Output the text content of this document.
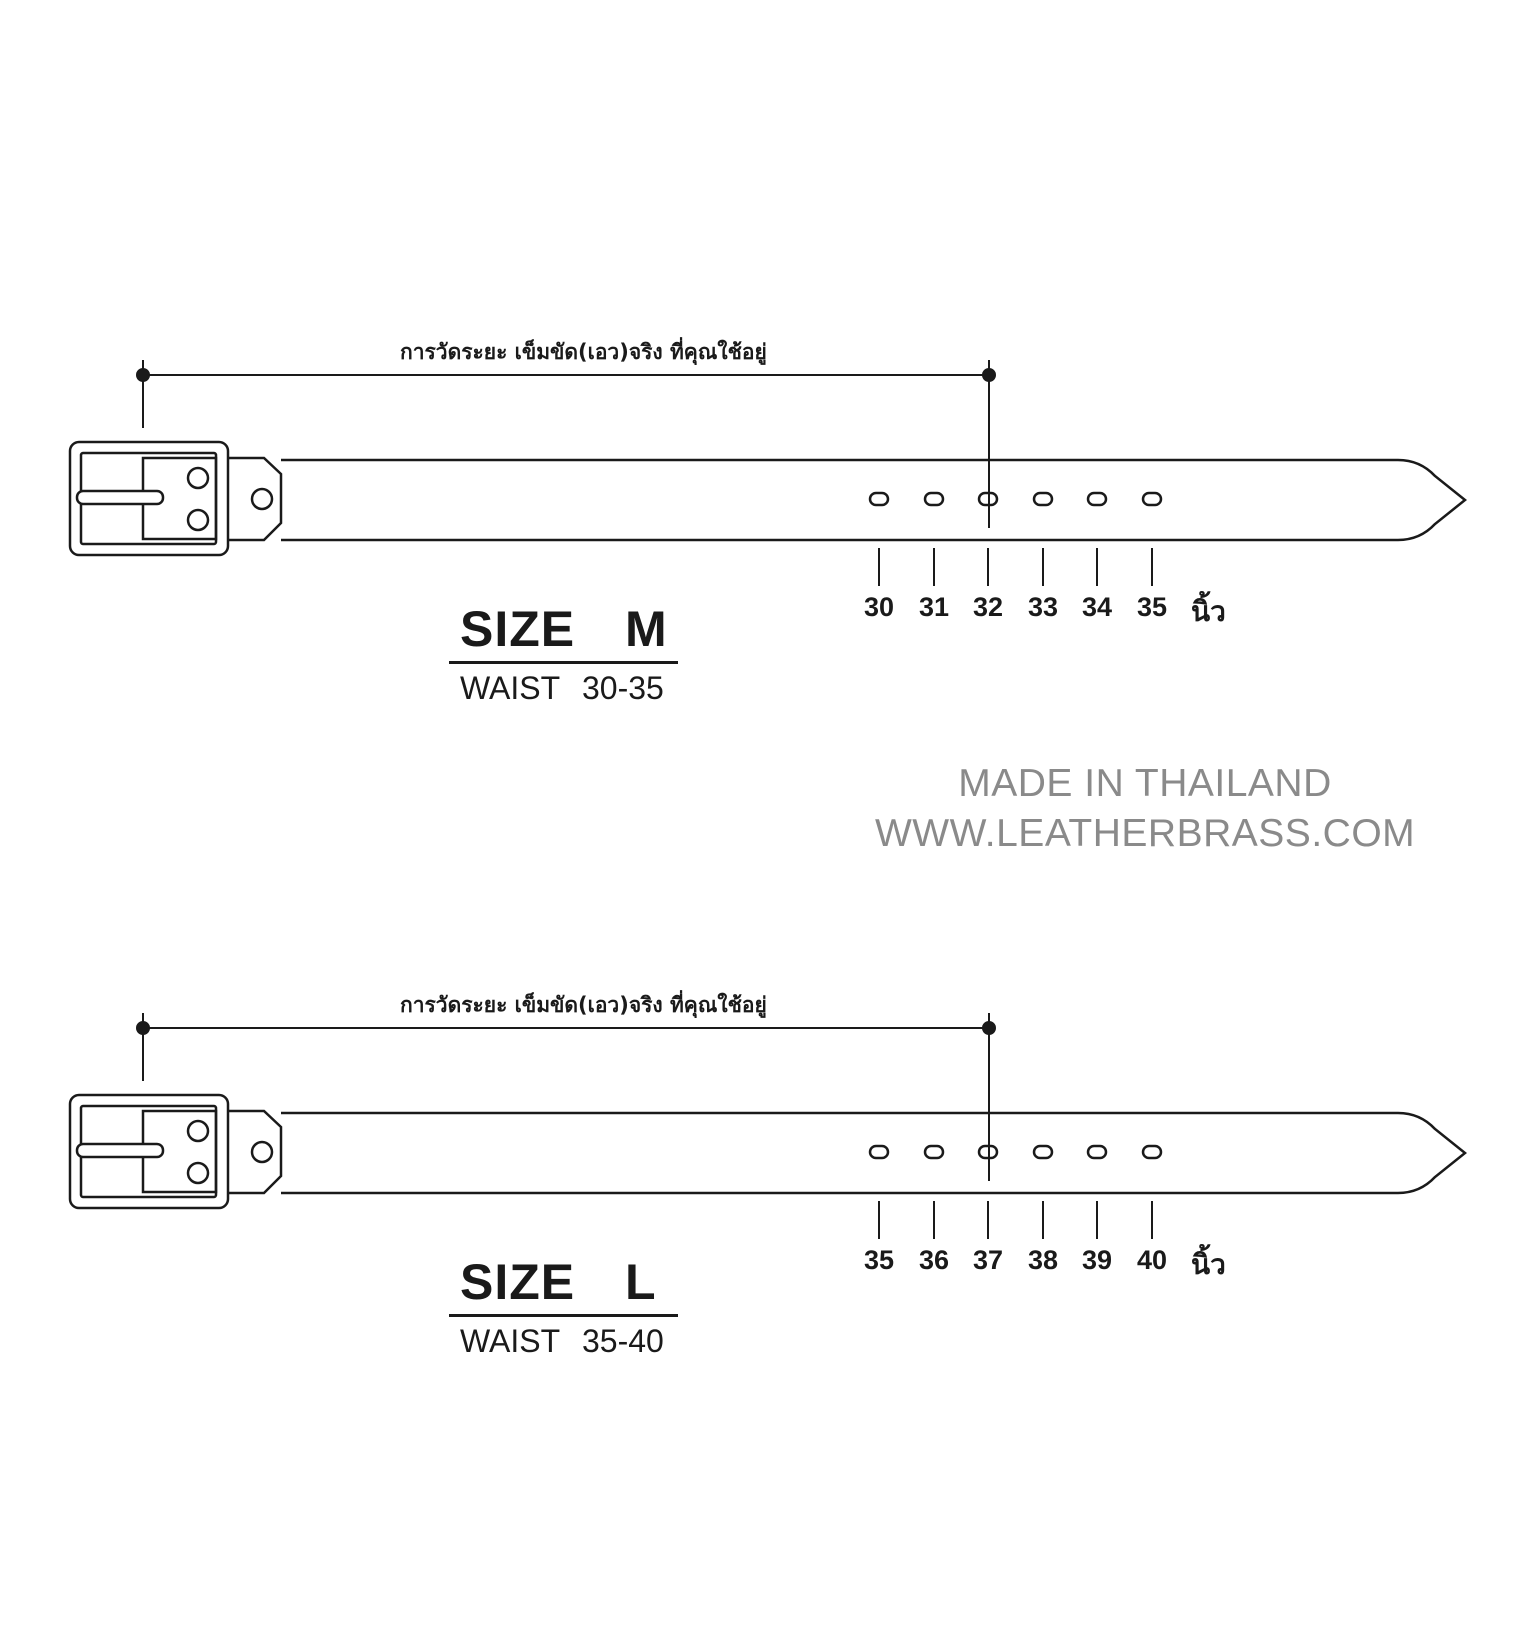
การวัดระยะ เข็มขัด(เอว)จริง ที่คุณใช้อยู่
30 31 32 33 34 35 นิ้ว
SIZE M
WAIST 30-35
MADE IN THAILAND
WWW.LEATHERBRASS.COM
การวัดระยะ เข็มขัด(เอว)จริง ที่คุณใช้อยู่
35 36 37 38 39 40 นิ้ว
SIZE L
WAIST 35-40
